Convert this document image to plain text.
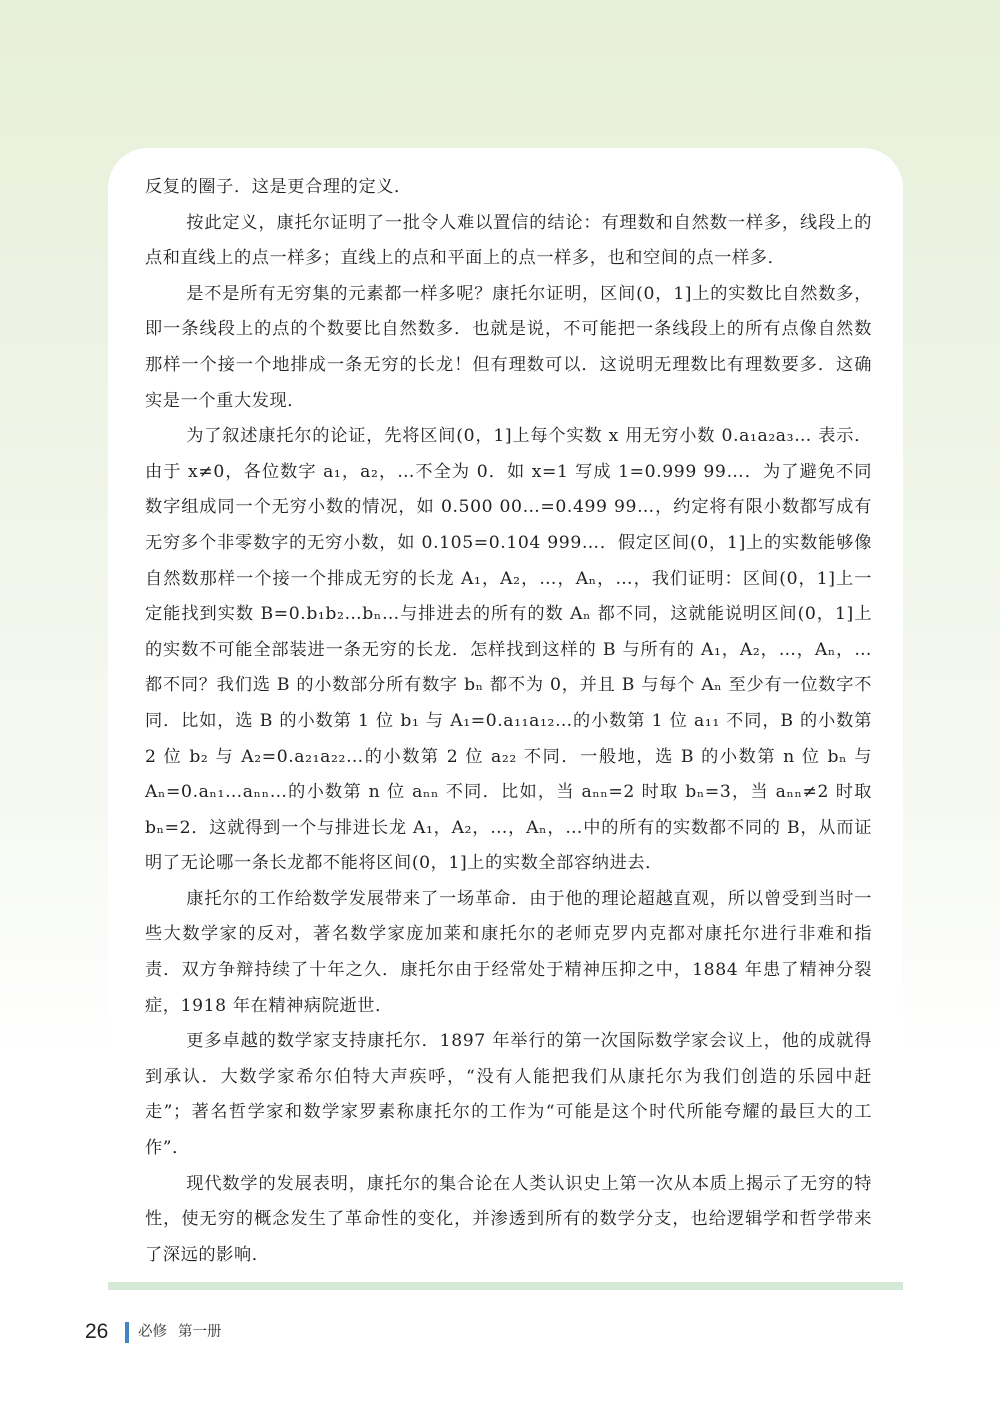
反复的圈子．这是更合理的定义．

按此定义，康托尔证明了一批令人难以置信的结论：有理数和自然数一样多，线段上的点和直线上的点一样多；直线上的点和平面上的点一样多，也和空间的点一样多．

是不是所有无穷集的元素都一样多呢？康托尔证明，区间(0，1]上的实数比自然数多，即一条线段上的点的个数要比自然数多．也就是说，不可能把一条线段上的所有点像自然数那样一个接一个地排成一条无穷的长龙！但有理数可以．这说明无理数比有理数要多．这确实是一个重大发现．

为了叙述康托尔的论证，先将区间(0，1]上每个实数 x 用无穷小数 0.a₁a₂a₃… 表示．由于 x≠0，各位数字 a₁，a₂，…不全为 0．如 x=1 写成 1=0.999 99…．为了避免不同数字组成同一个无穷小数的情况，如 0.500 00…=0.499 99…，约定将有限小数都写成有无穷多个非零数字的无穷小数，如 0.105=0.104 999…．假定区间(0，1]上的实数能够像自然数那样一个接一个排成无穷的长龙 A₁，A₂，…，Aₙ，…，我们证明：区间(0，1]上一定能找到实数 B=0.b₁b₂…bₙ…与排进去的所有的数 Aₙ 都不同，这就能说明区间(0，1]上的实数不可能全部装进一条无穷的长龙．怎样找到这样的 B 与所有的 A₁，A₂，…，Aₙ，…都不同？我们选 B 的小数部分所有数字 bₙ 都不为 0，并且 B 与每个 Aₙ 至少有一位数字不同．比如，选 B 的小数第 1 位 b₁ 与 A₁=0.a₁₁a₁₂…的小数第 1 位 a₁₁ 不同，B 的小数第 2 位 b₂ 与 A₂=0.a₂₁a₂₂…的小数第 2 位 a₂₂ 不同．一般地，选 B 的小数第 n 位 bₙ 与 Aₙ=0.aₙ₁…aₙₙ…的小数第 n 位 aₙₙ 不同．比如，当 aₙₙ=2 时取 bₙ=3，当 aₙₙ≠2 时取 bₙ=2．这就得到一个与排进长龙 A₁，A₂，…，Aₙ，…中的所有的实数都不同的 B，从而证明了无论哪一条长龙都不能将区间(0，1]上的实数全部容纳进去．

康托尔的工作给数学发展带来了一场革命．由于他的理论超越直观，所以曾受到当时一些大数学家的反对，著名数学家庞加莱和康托尔的老师克罗内克都对康托尔进行非难和指责．双方争辩持续了十年之久．康托尔由于经常处于精神压抑之中，1884 年患了精神分裂症，1918 年在精神病院逝世．

更多卓越的数学家支持康托尔．1897 年举行的第一次国际数学家会议上，他的成就得到承认．大数学家希尔伯特大声疾呼，“没有人能把我们从康托尔为我们创造的乐园中赶走”；著名哲学家和数学家罗素称康托尔的工作为“可能是这个时代所能夸耀的最巨大的工作”．

现代数学的发展表明，康托尔的集合论在人类认识史上第一次从本质上揭示了无穷的特性，使无穷的概念发生了革命性的变化，并渗透到所有的数学分支，也给逻辑学和哲学带来了深远的影响．

26 必修 第一册
